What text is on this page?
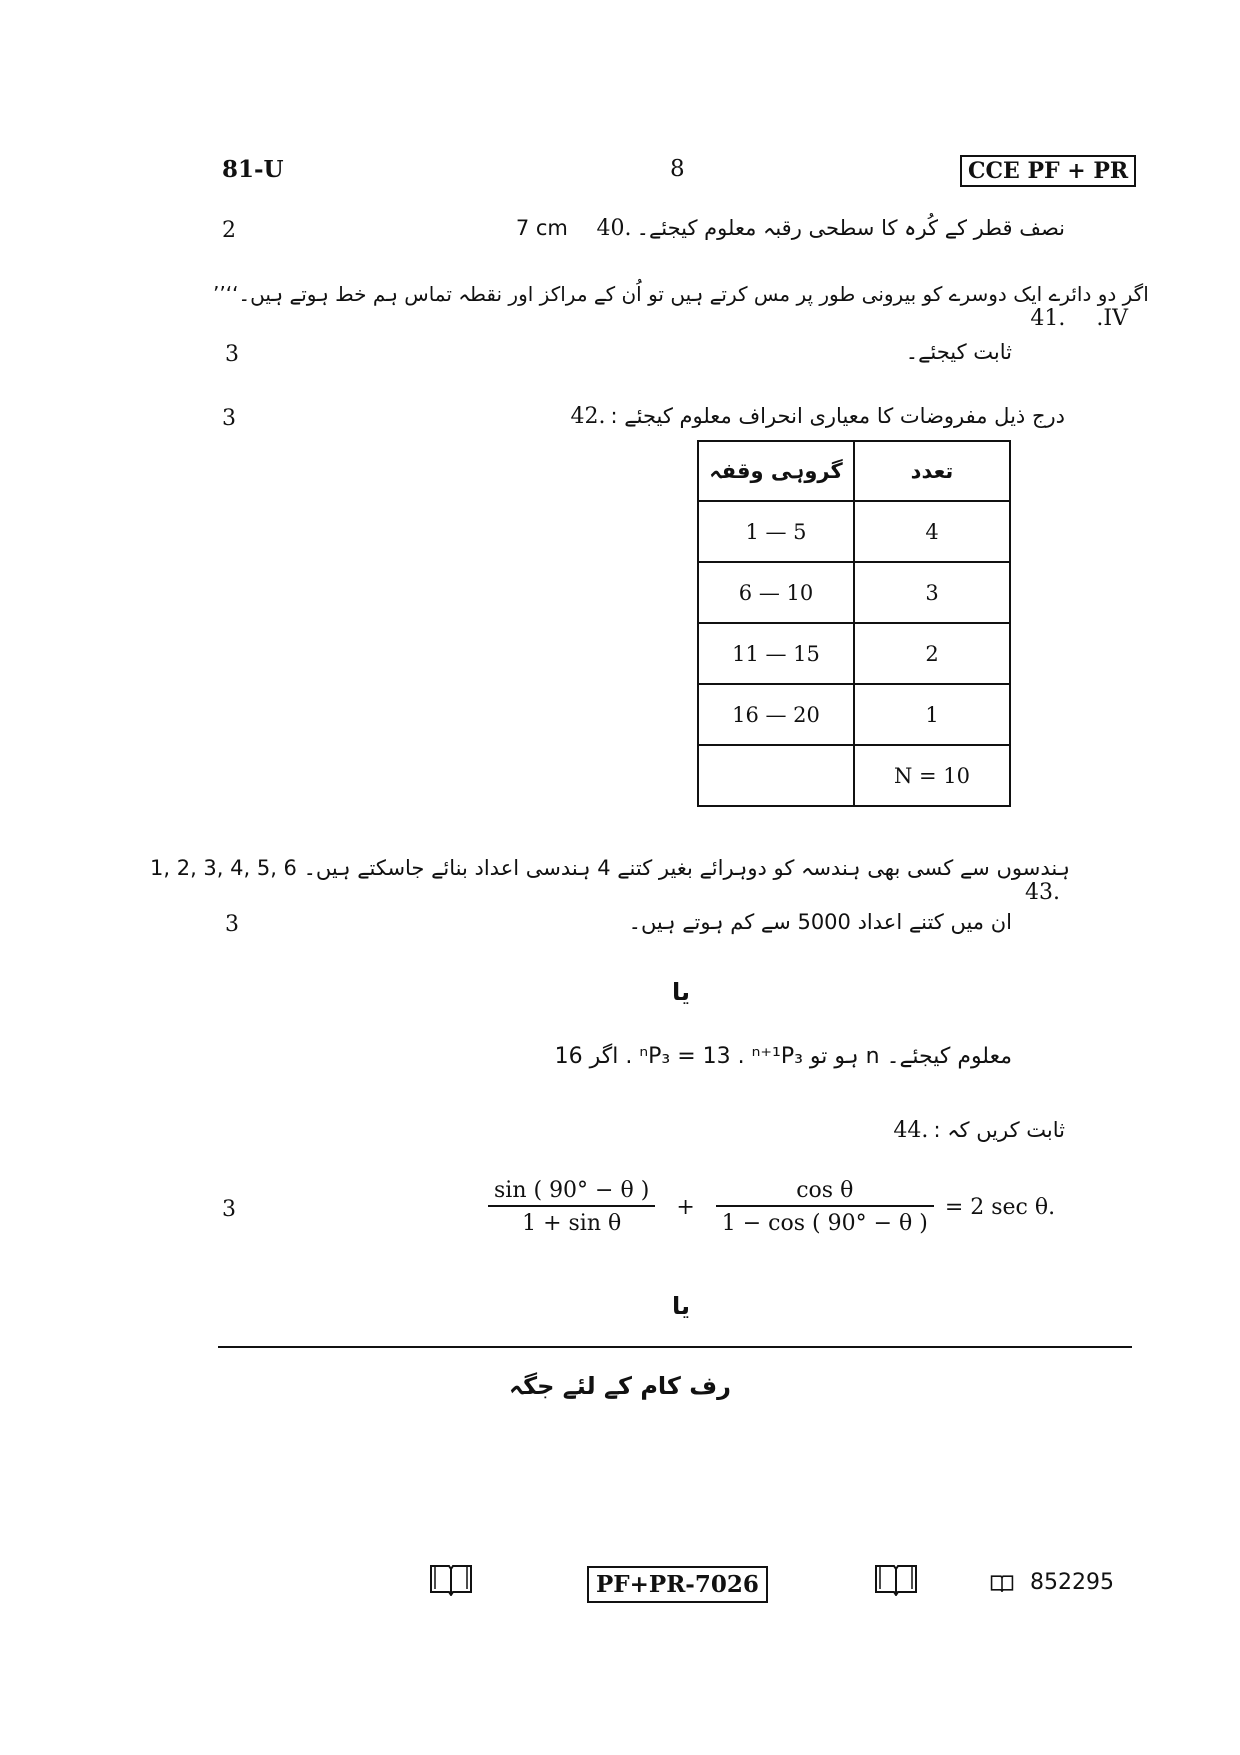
81-U	8	CCE PF + PR
2	7 cm نصف قطر کے کُرہ کا سطحی رقبہ معلوم کیجئے۔ .40
’’اگر دو دائرے ایک دوسرے کو بیرونی طور پر مس کرتے ہیں تو اُن کے مراکز اور نقطہ تماس ہم خط ہوتے ہیں۔‘‘ .41 .IV
3	ثابت کیجئے۔
3	درج ذیل مفروضات کا معیاری انحراف معلوم کیجئے : .42
گروہی وقفہ	تعدد
1 — 5	4
6 — 10	3
11 — 15	2
16 — 20	1
	N = 10
1, 2, 3, 4, 5, 6 ہندسوں سے کسی بھی ہندسہ کو دوہرائے بغیر کتنے 4 ہندسی اعداد بنائے جاسکتے ہیں۔ .43
3	ان میں کتنے اعداد 5000 سے کم ہوتے ہیں۔
یا
اگر 16 . ⁿP₃ = 13 . ⁿ⁺¹P₃ ہو تو n معلوم کیجئے۔
ثابت کریں کہ : .44
3	$\frac{\sin ( 90^\circ - \theta )}{\text{1 + sin θ}} + \frac{\text{cos θ}}{1 - \cos ( 90^\circ - \theta )} = 2$ sec θ.
یا
رف کام کے لئے جگہ
PF+PR-7026	852295
